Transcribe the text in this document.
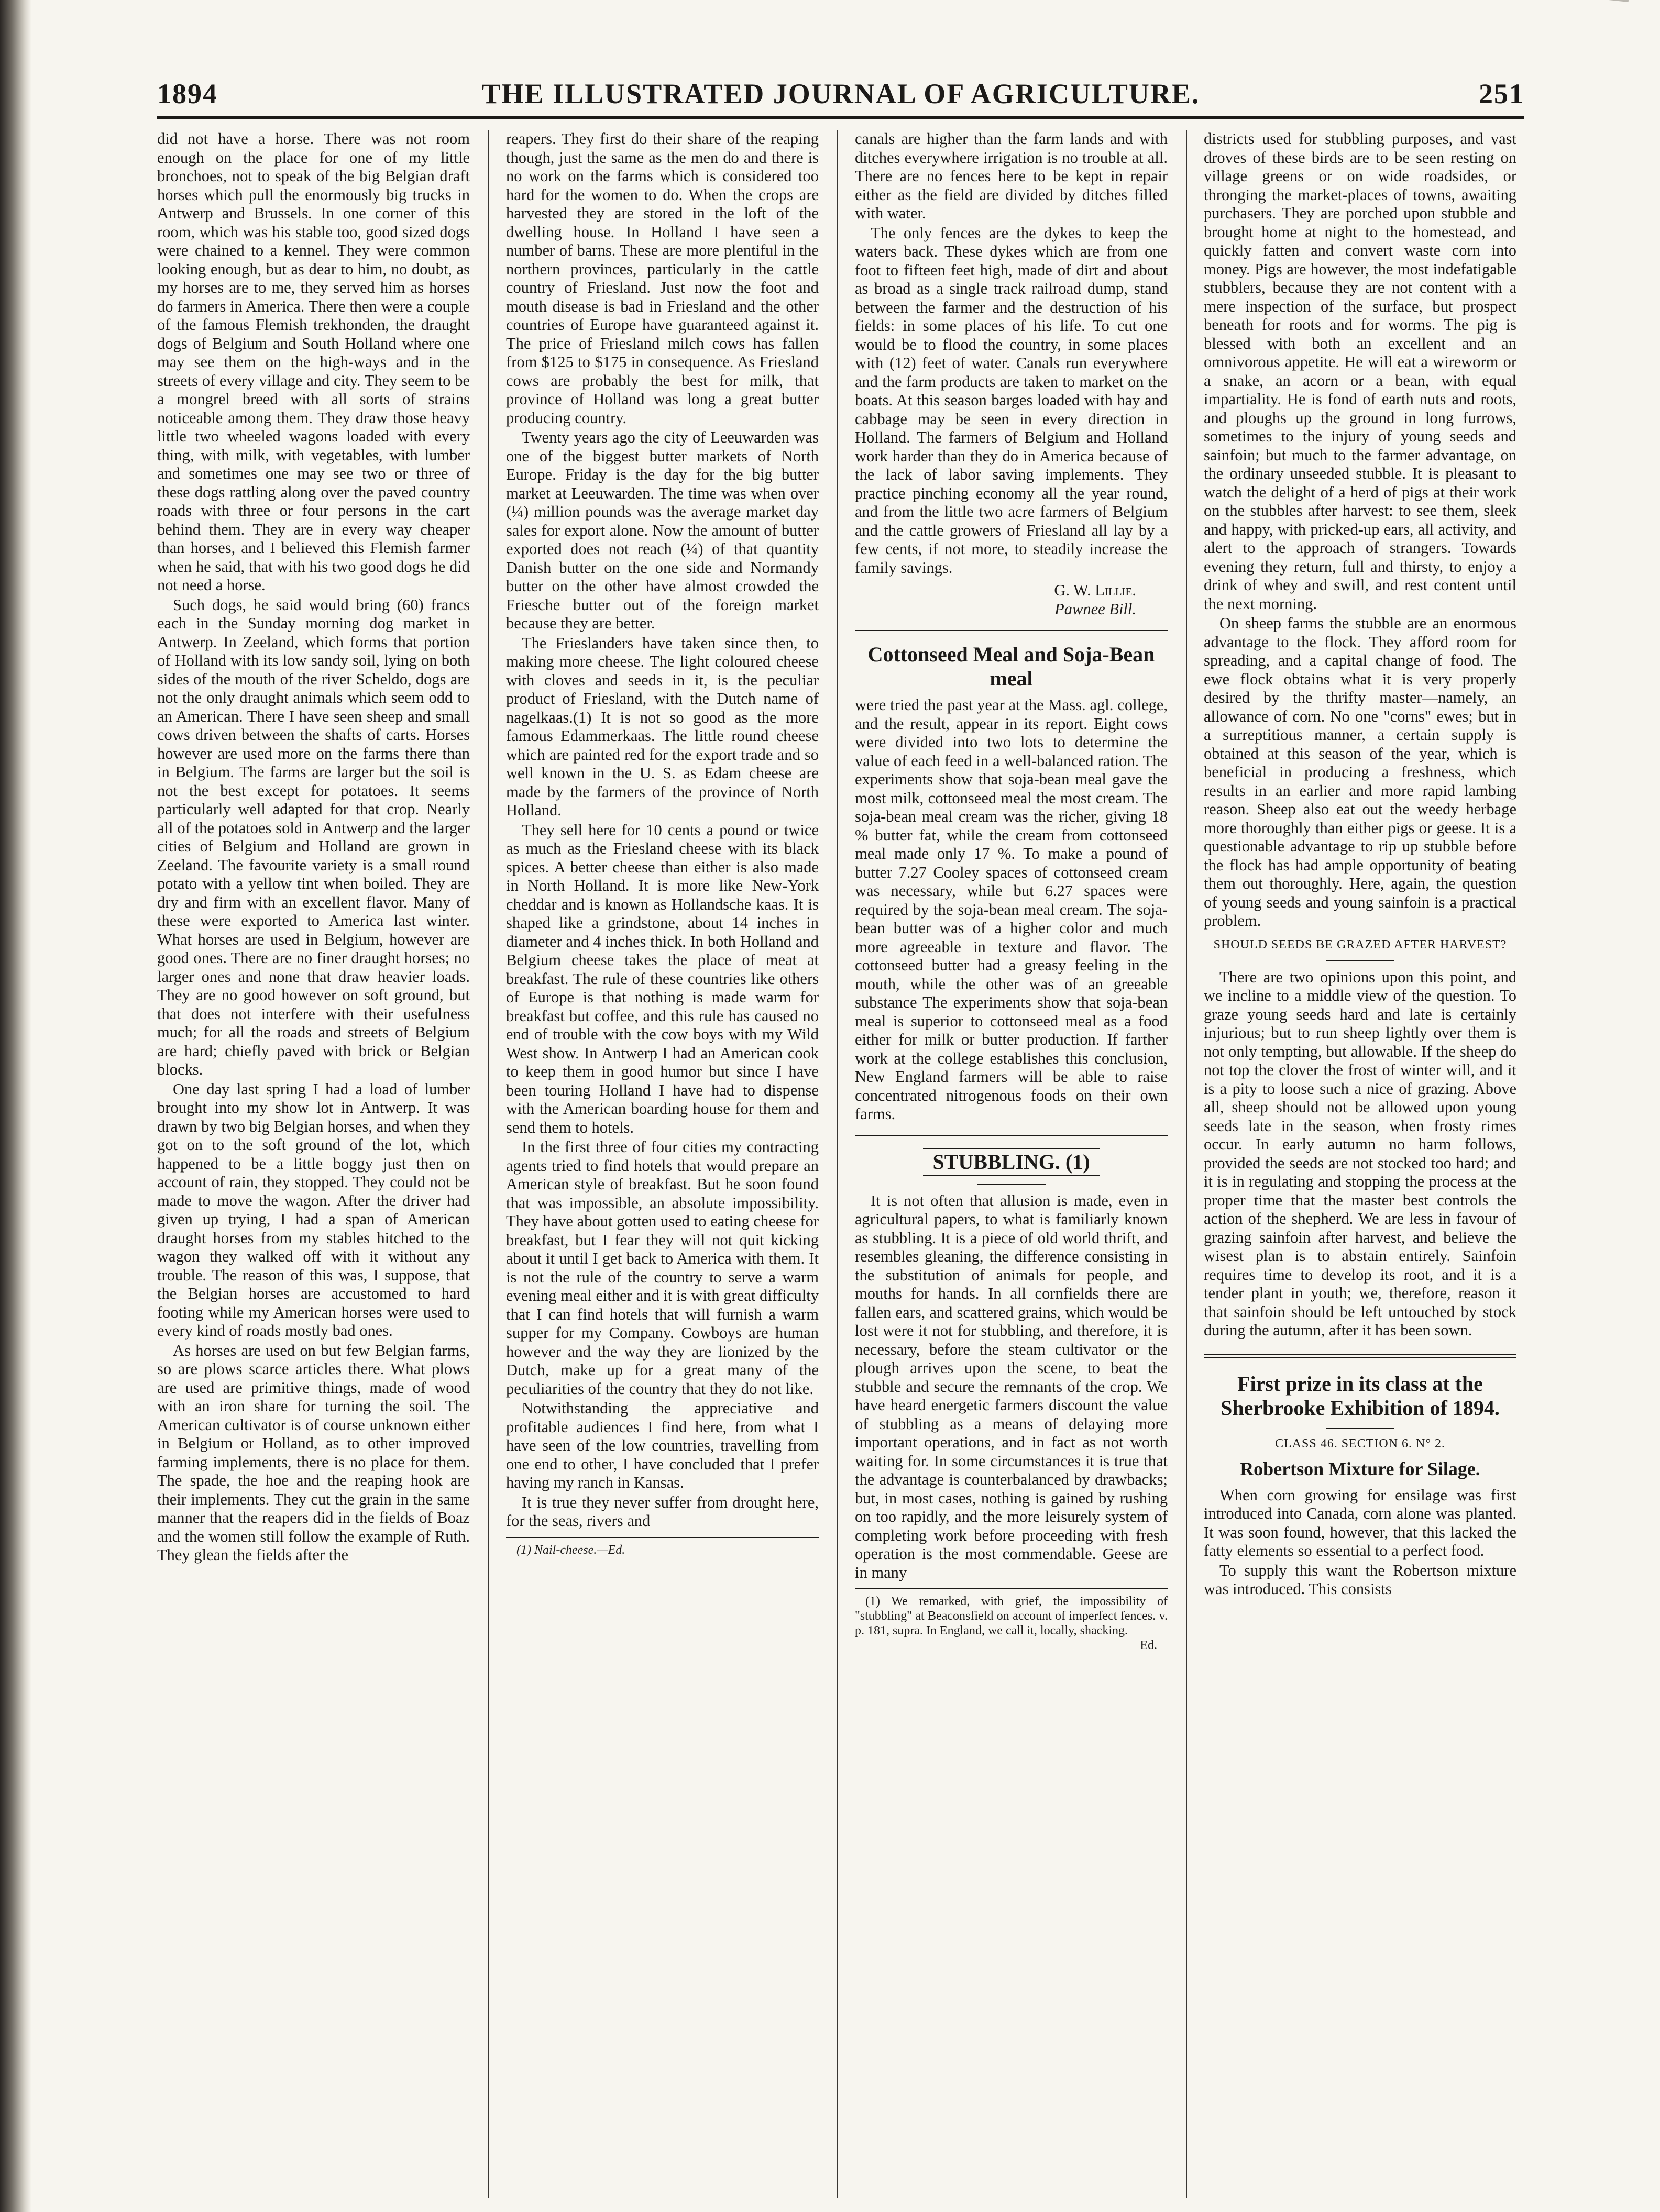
1894	THE ILLUSTRATED JOURNAL OF AGRICULTURE.	251

did not have a horse. There was not room enough on the place for one of my little bronchoes, not to speak of the big Belgian draft horses which pull the enormously big trucks in Antwerp and Brussels. In one corner of this room, which was his stable too, good sized dogs were chained to a kennel. They were common looking enough, but as dear to him, no doubt, as my horses are to me, they served him as horses do farmers in America. There then were a couple of the famous Flemish trekhonden, the draught dogs of Belgium and South Holland where one may see them on the high-ways and in the streets of every village and city. They seem to be a mongrel breed with all sorts of strains noticeable among them. They draw those heavy little two wheeled wagons loaded with every thing, with milk, with vegetables, with lumber and sometimes one may see two or three of these dogs rattling along over the paved country roads with three or four persons in the cart behind them. They are in every way cheaper than horses, and I believed this Flemish farmer when he said, that with his two good dogs he did not need a horse.

Such dogs, he said would bring (60) francs each in the Sunday morning dog market in Antwerp. In Zeeland, which forms that portion of Holland with its low sandy soil, lying on both sides of the mouth of the river Scheldo, dogs are not the only draught animals which seem odd to an American. There I have seen sheep and small cows driven between the shafts of carts. Horses however are used more on the farms there than in Belgium. The farms are larger but the soil is not the best except for potatoes. It seems particularly well adapted for that crop. Nearly all of the potatoes sold in Antwerp and the larger cities of Belgium and Holland are grown in Zeeland. The favourite variety is a small round potato with a yellow tint when boiled. They are dry and firm with an excellent flavor. Many of these were exported to America last winter. What horses are used in Belgium, however are good ones. There are no finer draught horses; no larger ones and none that draw heavier loads. They are no good however on soft ground, but that does not interfere with their usefulness much; for all the roads and streets of Belgium are hard; chiefly paved with brick or Belgian blocks.

One day last spring I had a load of lumber brought into my show lot in Antwerp. It was drawn by two big Belgian horses, and when they got on to the soft ground of the lot, which happened to be a little boggy just then on account of rain, they stopped. They could not be made to move the wagon. After the driver had given up trying, I had a span of American draught horses from my stables hitched to the wagon they walked off with it without any trouble. The reason of this was, I suppose, that the Belgian horses are accustomed to hard footing while my American horses were used to every kind of roads mostly bad ones.

As horses are used on but few Belgian farms, so are plows scarce articles there. What plows are used are primitive things, made of wood with an iron share for turning the soil. The American cultivator is of course unknown either in Belgium or Holland, as to other improved farming implements, there is no place for them. The spade, the hoe and the reaping hook are their implements. They cut the grain in the same manner that the reapers did in the fields of Boaz and the women still follow the example of Ruth. They glean the fields after the

reapers. They first do their share of the reaping though, just the same as the men do and there is no work on the farms which is considered too hard for the women to do. When the crops are harvested they are stored in the loft of the dwelling house. In Holland I have seen a number of barns. These are more plentiful in the northern provinces, particularly in the cattle country of Friesland. Just now the foot and mouth disease is bad in Friesland and the other countries of Europe have guaranteed against it. The price of Friesland milch cows has fallen from $125 to $175 in consequence. As Friesland cows are probably the best for milk, that province of Holland was long a great butter producing country.

Twenty years ago the city of Leeuwarden was one of the biggest butter markets of North Europe. Friday is the day for the big butter market at Leeuwarden. The time was when over (¼) million pounds was the average market day sales for export alone. Now the amount of butter exported does not reach (¼) of that quantity Danish butter on the one side and Normandy butter on the other have almost crowded the Friesche butter out of the foreign market because they are better.

The Frieslanders have taken since then, to making more cheese. The light coloured cheese with cloves and seeds in it, is the peculiar product of Friesland, with the Dutch name of nagelkaas.(1) It is not so good as the more famous Edammerkaas. The little round cheese which are painted red for the export trade and so well known in the U. S. as Edam cheese are made by the farmers of the province of North Holland.

They sell here for 10 cents a pound or twice as much as the Friesland cheese with its black spices. A better cheese than either is also made in North Holland. It is more like New-York cheddar and is known as Hollandsche kaas. It is shaped like a grindstone, about 14 inches in diameter and 4 inches thick. In both Holland and Belgium cheese takes the place of meat at breakfast. The rule of these countries like others of Europe is that nothing is made warm for breakfast but coffee, and this rule has caused no end of trouble with the cow boys with my Wild West show. In Antwerp I had an American cook to keep them in good humor but since I have been touring Holland I have had to dispense with the American boarding house for them and send them to hotels.

In the first three of four cities my contracting agents tried to find hotels that would prepare an American style of breakfast. But he soon found that was impossible, an absolute impossibility. They have about gotten used to eating cheese for breakfast, but I fear they will not quit kicking about it until I get back to America with them. It is not the rule of the country to serve a warm evening meal either and it is with great difficulty that I can find hotels that will furnish a warm supper for my Company. Cowboys are human however and the way they are lionized by the Dutch, make up for a great many of the peculiarities of the country that they do not like.

Notwithstanding the appreciative and profitable audiences I find here, from what I have seen of the low countries, travelling from one end to other, I have concluded that I prefer having my ranch in Kansas.

It is true they never suffer from drought here, for the seas, rivers and

(1) Nail-cheese.—Ed.

canals are higher than the farm lands and with ditches everywhere irrigation is no trouble at all. There are no fences here to be kept in repair either as the field are divided by ditches filled with water.

The only fences are the dykes to keep the waters back. These dykes which are from one foot to fifteen feet high, made of dirt and about as broad as a single track railroad dump, stand between the farmer and the destruction of his fields: in some places of his life. To cut one would be to flood the country, in some places with (12) feet of water. Canals run everywhere and the farm products are taken to market on the boats. At this season barges loaded with hay and cabbage may be seen in every direction in Holland. The farmers of Belgium and Holland work harder than they do in America because of the lack of labor saving implements. They practice pinching economy all the year round, and from the little two acre farmers of Belgium and the cattle growers of Friesland all lay by a few cents, if not more, to steadily increase the family savings.

G. W. Lillie.
Pawnee Bill.
Cottonseed Meal and Soja-Bean meal

were tried the past year at the Mass. agl. college, and the result, appear in its report. Eight cows were divided into two lots to determine the value of each feed in a well-balanced ration. The experiments show that soja-bean meal gave the most milk, cottonseed meal the most cream. The soja-bean meal cream was the richer, giving 18 % butter fat, while the cream from cottonseed meal made only 17 %. To make a pound of butter 7.27 Cooley spaces of cottonseed cream was necessary, while but 6.27 spaces were required by the soja-bean meal cream. The soja-bean butter was of a higher color and much more agreeable in texture and flavor. The cottonseed butter had a greasy feeling in the mouth, while the other was of an greeable substance The experiments show that soja-bean meal is superior to cottonseed meal as a food either for milk or butter production. If farther work at the college establishes this conclusion, New England farmers will be able to raise concentrated nitrogenous foods on their own farms.

STUBBLING. (1)

It is not often that allusion is made, even in agricultural papers, to what is familiarly known as stubbling. It is a piece of old world thrift, and resembles gleaning, the difference consisting in the substitution of animals for people, and mouths for hands. In all cornfields there are fallen ears, and scattered grains, which would be lost were it not for stubbling, and therefore, it is necessary, before the steam cultivator or the plough arrives upon the scene, to beat the stubble and secure the remnants of the crop. We have heard energetic farmers discount the value of stubbling as a means of delaying more important operations, and in fact as not worth waiting for. In some circumstances it is true that the advantage is counterbalanced by drawbacks; but, in most cases, nothing is gained by rushing on too rapidly, and the more leisurely system of completing work before proceeding with fresh operation is the most commendable. Geese are in many

(1) We remarked, with grief, the impossibility of "stubbling" at Beaconsfield on account of imperfect fences. v. p. 181, supra. In England, we call it, locally, shacking.

Ed.

districts used for stubbling purposes, and vast droves of these birds are to be seen resting on village greens or on wide roadsides, or thronging the market-places of towns, awaiting purchasers. They are porched upon stubble and brought home at night to the homestead, and quickly fatten and convert waste corn into money. Pigs are however, the most indefatigable stubblers, because they are not content with a mere inspection of the surface, but prospect beneath for roots and for worms. The pig is blessed with both an excellent and an omnivorous appetite. He will eat a wireworm or a snake, an acorn or a bean, with equal impartiality. He is fond of earth nuts and roots, and ploughs up the ground in long furrows, sometimes to the injury of young seeds and sainfoin; but much to the farmer advantage, on the ordinary unseeded stubble. It is pleasant to watch the delight of a herd of pigs at their work on the stubbles after harvest: to see them, sleek and happy, with pricked-up ears, all activity, and alert to the approach of strangers. Towards evening they return, full and thirsty, to enjoy a drink of whey and swill, and rest content until the next morning.

On sheep farms the stubble are an enormous advantage to the flock. They afford room for spreading, and a capital change of food. The ewe flock obtains what it is very properly desired by the thrifty master—namely, an allowance of corn. No one "corns" ewes; but in a surreptitious manner, a certain supply is obtained at this season of the year, which is beneficial in producing a freshness, which results in an earlier and more rapid lambing reason. Sheep also eat out the weedy herbage more thoroughly than either pigs or geese. It is a questionable advantage to rip up stubble before the flock has had ample opportunity of beating them out thoroughly. Here, again, the question of young seeds and young sainfoin is a practical problem.

SHOULD SEEDS BE GRAZED AFTER HARVEST?

There are two opinions upon this point, and we incline to a middle view of the question. To graze young seeds hard and late is certainly injurious; but to run sheep lightly over them is not only tempting, but allowable. If the sheep do not top the clover the frost of winter will, and it is a pity to loose such a nice of grazing. Above all, sheep should not be allowed upon young seeds late in the season, when frosty rimes occur. In early autumn no harm follows, provided the seeds are not stocked too hard; and it is in regulating and stopping the process at the proper time that the master best controls the action of the shepherd. We are less in favour of grazing sainfoin after harvest, and believe the wisest plan is to abstain entirely. Sainfoin requires time to develop its root, and it is a tender plant in youth; we, therefore, reason it that sainfoin should be left untouched by stock during the autumn, after it has been sown.

First prize in its class at the Sherbrooke Exhibition of 1894.
CLASS 46. SECTION 6. N° 2.
Robertson Mixture for Silage.

When corn growing for ensilage was first introduced into Canada, corn alone was planted. It was soon found, however, that this lacked the fatty elements so essential to a perfect food.

To supply this want the Robertson mixture was introduced. This consists
